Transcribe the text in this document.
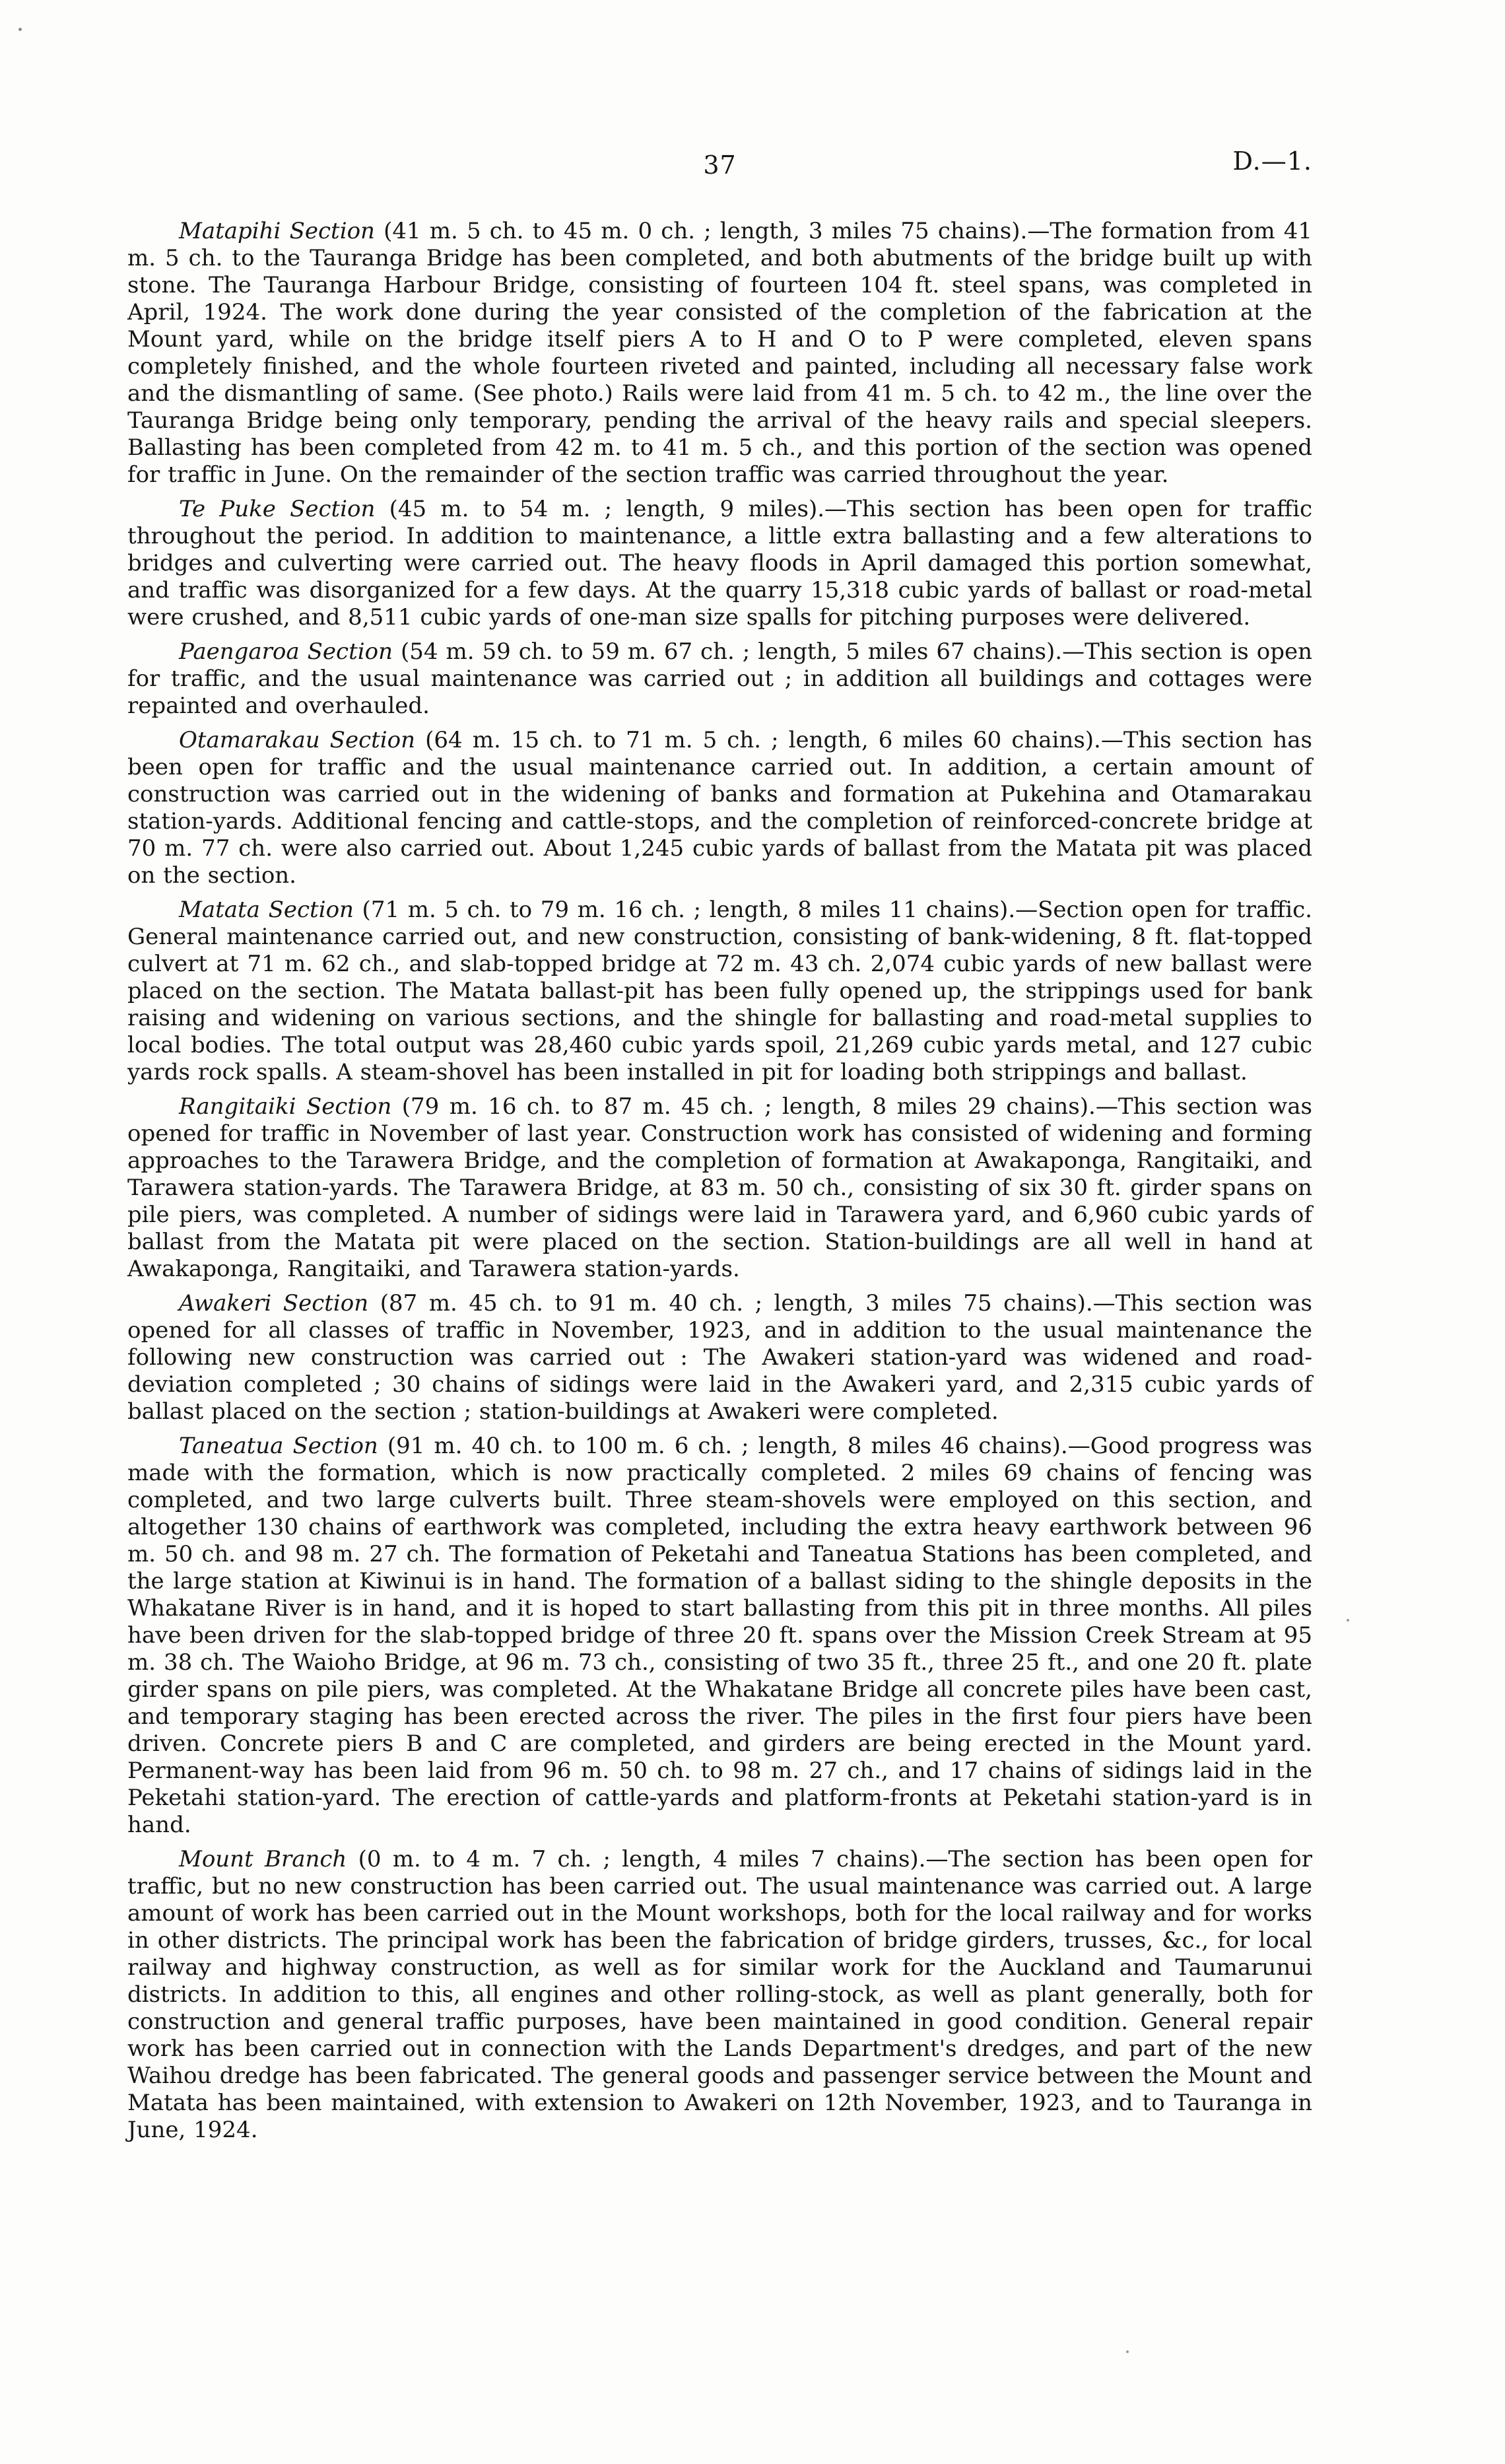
37	D.—1.

Matapihi Section (41 m. 5 ch. to 45 m. 0 ch. ; length, 3 miles 75 chains).—The formation from 41 m. 5 ch. to the Tauranga Bridge has been completed, and both abutments of the bridge built up with stone. The Tauranga Harbour Bridge, consisting of fourteen 104 ft. steel spans, was completed in April, 1924. The work done during the year consisted of the completion of the fabrication at the Mount yard, while on the bridge itself piers A to H and O to P were completed, eleven spans completely finished, and the whole fourteen riveted and painted, including all necessary false work and the dismantling of same. (See photo.) Rails were laid from 41 m. 5 ch. to 42 m., the line over the Tauranga Bridge being only temporary, pending the arrival of the heavy rails and special sleepers. Ballasting has been completed from 42 m. to 41 m. 5 ch., and this portion of the section was opened for traffic in June. On the remainder of the section traffic was carried throughout the year.

Te Puke Section (45 m. to 54 m. ; length, 9 miles).—This section has been open for traffic throughout the period. In addition to maintenance, a little extra ballasting and a few alterations to bridges and culverting were carried out. The heavy floods in April damaged this portion somewhat, and traffic was disorganized for a few days. At the quarry 15,318 cubic yards of ballast or road-metal were crushed, and 8,511 cubic yards of one-man size spalls for pitching purposes were delivered.

Paengaroa Section (54 m. 59 ch. to 59 m. 67 ch. ; length, 5 miles 67 chains).—This section is open for traffic, and the usual maintenance was carried out ; in addition all buildings and cottages were repainted and overhauled.

Otamarakau Section (64 m. 15 ch. to 71 m. 5 ch. ; length, 6 miles 60 chains).—This section has been open for traffic and the usual maintenance carried out. In addition, a certain amount of construction was carried out in the widening of banks and formation at Pukehina and Otamarakau station-yards. Additional fencing and cattle-stops, and the completion of reinforced-concrete bridge at 70 m. 77 ch. were also carried out. About 1,245 cubic yards of ballast from the Matata pit was placed on the section.

Matata Section (71 m. 5 ch. to 79 m. 16 ch. ; length, 8 miles 11 chains).—Section open for traffic. General maintenance carried out, and new construction, consisting of bank-widening, 8 ft. flat-topped culvert at 71 m. 62 ch., and slab-topped bridge at 72 m. 43 ch. 2,074 cubic yards of new ballast were placed on the section. The Matata ballast-pit has been fully opened up, the strippings used for bank raising and widening on various sections, and the shingle for ballasting and road-metal supplies to local bodies. The total output was 28,460 cubic yards spoil, 21,269 cubic yards metal, and 127 cubic yards rock spalls. A steam-shovel has been installed in pit for loading both strippings and ballast.

Rangitaiki Section (79 m. 16 ch. to 87 m. 45 ch. ; length, 8 miles 29 chains).—This section was opened for traffic in November of last year. Construction work has consisted of widening and forming approaches to the Tarawera Bridge, and the completion of formation at Awakaponga, Rangitaiki, and Tarawera station-yards. The Tarawera Bridge, at 83 m. 50 ch., consisting of six 30 ft. girder spans on pile piers, was completed. A number of sidings were laid in Tarawera yard, and 6,960 cubic yards of ballast from the Matata pit were placed on the section. Station-buildings are all well in hand at Awakaponga, Rangitaiki, and Tarawera station-yards.

Awakeri Section (87 m. 45 ch. to 91 m. 40 ch. ; length, 3 miles 75 chains).—This section was opened for all classes of traffic in November, 1923, and in addition to the usual maintenance the following new construction was carried out : The Awakeri station-yard was widened and road-deviation completed ; 30 chains of sidings were laid in the Awakeri yard, and 2,315 cubic yards of ballast placed on the section ; station-buildings at Awakeri were completed.

Taneatua Section (91 m. 40 ch. to 100 m. 6 ch. ; length, 8 miles 46 chains).—Good progress was made with the formation, which is now practically completed. 2 miles 69 chains of fencing was completed, and two large culverts built. Three steam-shovels were employed on this section, and altogether 130 chains of earthwork was completed, including the extra heavy earthwork between 96 m. 50 ch. and 98 m. 27 ch. The formation of Peketahi and Taneatua Stations has been completed, and the large station at Kiwinui is in hand. The formation of a ballast siding to the shingle deposits in the Whakatane River is in hand, and it is hoped to start ballasting from this pit in three months. All piles have been driven for the slab-topped bridge of three 20 ft. spans over the Mission Creek Stream at 95 m. 38 ch. The Waioho Bridge, at 96 m. 73 ch., consisting of two 35 ft., three 25 ft., and one 20 ft. plate girder spans on pile piers, was completed. At the Whakatane Bridge all concrete piles have been cast, and temporary staging has been erected across the river. The piles in the first four piers have been driven. Concrete piers B and C are completed, and girders are being erected in the Mount yard. Permanent-way has been laid from 96 m. 50 ch. to 98 m. 27 ch., and 17 chains of sidings laid in the Peketahi station-yard. The erection of cattle-yards and platform-fronts at Peketahi station-yard is in hand.

Mount Branch (0 m. to 4 m. 7 ch. ; length, 4 miles 7 chains).—The section has been open for traffic, but no new construction has been carried out. The usual maintenance was carried out. A large amount of work has been carried out in the Mount workshops, both for the local railway and for works in other districts. The principal work has been the fabrication of bridge girders, trusses, &c., for local railway and highway construction, as well as for similar work for the Auckland and Taumarunui districts. In addition to this, all engines and other rolling-stock, as well as plant generally, both for construction and general traffic purposes, have been maintained in good condition. General repair work has been carried out in connection with the Lands Department's dredges, and part of the new Waihou dredge has been fabricated. The general goods and passenger service between the Mount and Matata has been maintained, with extension to Awakeri on 12th November, 1923, and to Tauranga in June, 1924.
